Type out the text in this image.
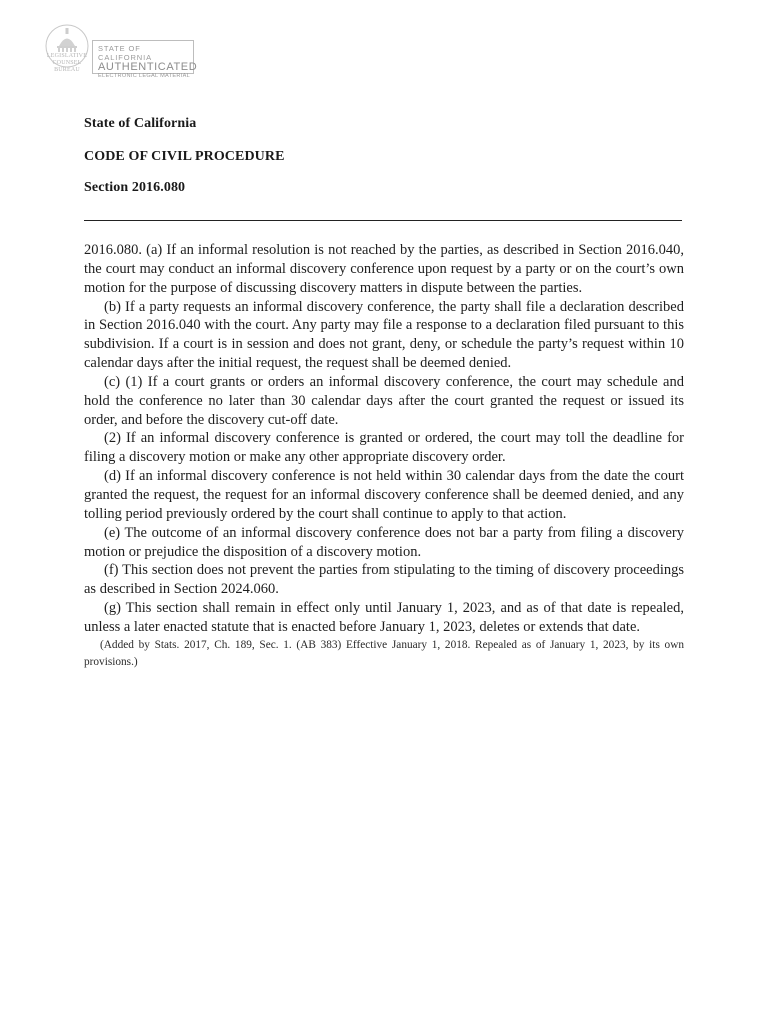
LEGISLATIVE
COUNSEL
BUREAU
STATE OF CALIFORNIA
AUTHENTICATED
ELECTRONIC LEGAL MATERIAL
State of California
CODE OF CIVIL PROCEDURE
Section 2016.080

2016.080. (a) If an informal resolution is not reached by the parties, as described in Section 2016.040, the court may conduct an informal discovery conference upon request by a party or on the court’s own motion for the purpose of discussing discovery matters in dispute between the parties.

(b) If a party requests an informal discovery conference, the party shall file a declaration described in Section 2016.040 with the court. Any party may file a response to a declaration filed pursuant to this subdivision. If a court is in session and does not grant, deny, or schedule the party’s request within 10 calendar days after the initial request, the request shall be deemed denied.

(c) (1) If a court grants or orders an informal discovery conference, the court may schedule and hold the conference no later than 30 calendar days after the court granted the request or issued its order, and before the discovery cut-off date.

(2) If an informal discovery conference is granted or ordered, the court may toll the deadline for filing a discovery motion or make any other appropriate discovery order.

(d) If an informal discovery conference is not held within 30 calendar days from the date the court granted the request, the request for an informal discovery conference shall be deemed denied, and any tolling period previously ordered by the court shall continue to apply to that action.

(e) The outcome of an informal discovery conference does not bar a party from filing a discovery motion or prejudice the disposition of a discovery motion.

(f) This section does not prevent the parties from stipulating to the timing of discovery proceedings as described in Section 2024.060.

(g) This section shall remain in effect only until January 1, 2023, and as of that date is repealed, unless a later enacted statute that is enacted before January 1, 2023, deletes or extends that date.

(Added by Stats. 2017, Ch. 189, Sec. 1. (AB 383) Effective January 1, 2018. Repealed as of January 1, 2023, by its own provisions.)
